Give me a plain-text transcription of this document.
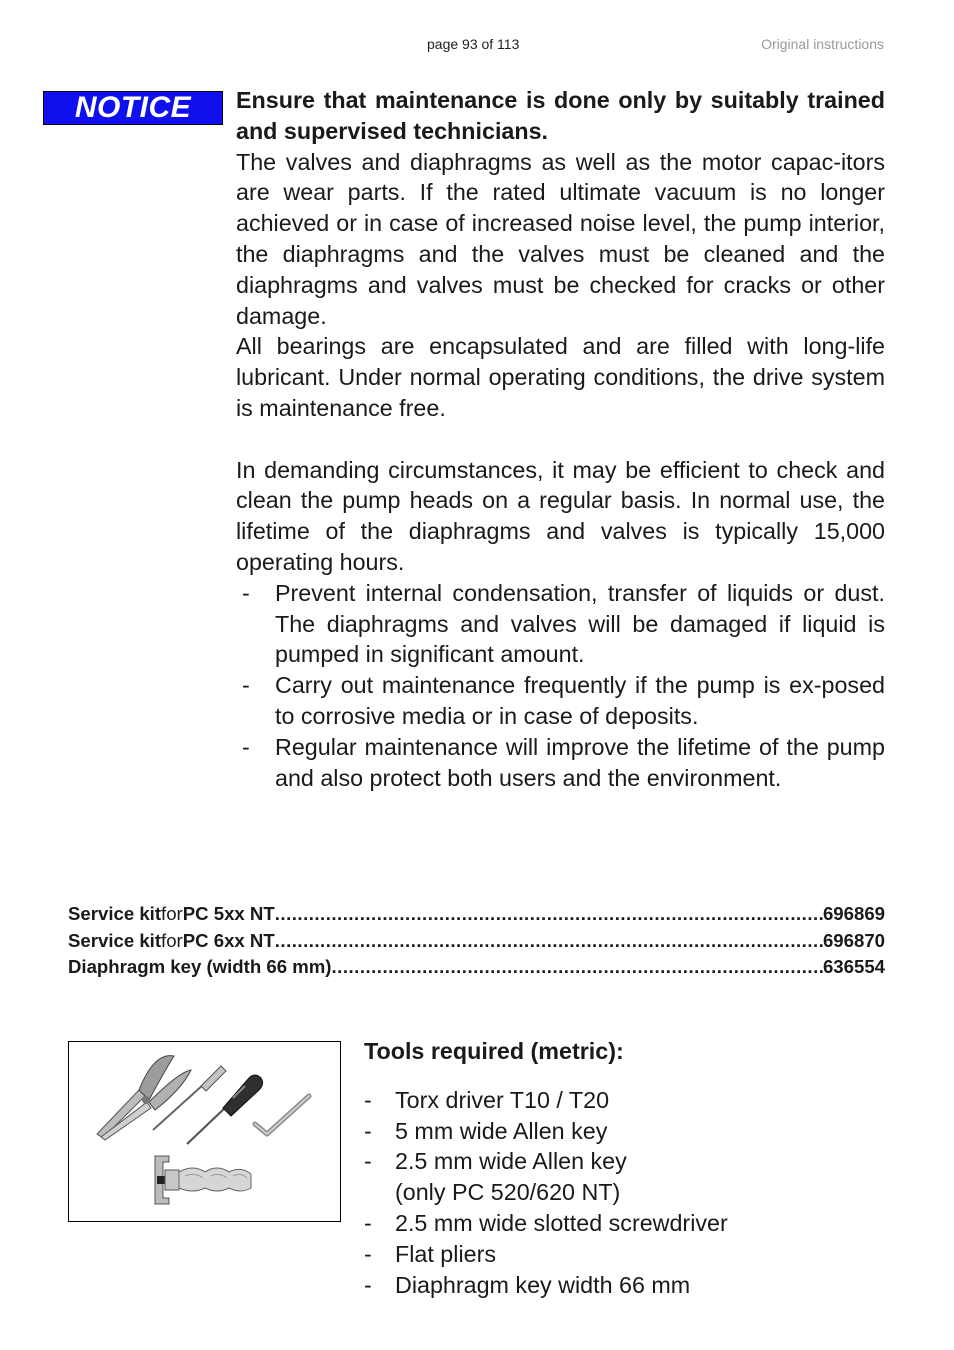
page 93 of 113	Original instructions
NOTICE	Ensure that maintenance is done only by suitably trained and supervised technicians.

The valves and diaphragms as well as the motor capac-itors are wear parts. If the rated ultimate vacuum is no longer achieved or in case of increased noise level, the pump interior, the diaphragms and the valves must be cleaned and the diaphragms and valves must be checked for cracks or other damage.

All bearings are encapsulated and are filled with long-life lubricant. Under normal operating conditions, the drive system is maintenance free.

In demanding circumstances, it may be efficient to check and clean the pump heads on a regular basis. In normal use, the lifetime of the diaphragms and valves is typically 15,000 operating hours.

- Prevent internal condensation, transfer of liquids or dust. The diaphragms and valves will be damaged if liquid is pumped in significant amount.
- Carry out maintenance frequently if the pump is ex-posed to corrosive media or in case of deposits.
- Regular maintenance will improve the lifetime of the pump and also protect both users and the environment.
Service kit for PC 5xx NT .....	696869
Service kit for PC 6xx NT .....	696870
Diaphragm key (width 66 mm) .....	636554

Tools required (metric):

- Torx driver T10 / T20
- 5 mm wide Allen key
- 2.5 mm wide Allen key
(only PC 520/620 NT)
- 2.5 mm wide slotted screwdriver
- Flat pliers
- Diaphragm key width 66 mm
